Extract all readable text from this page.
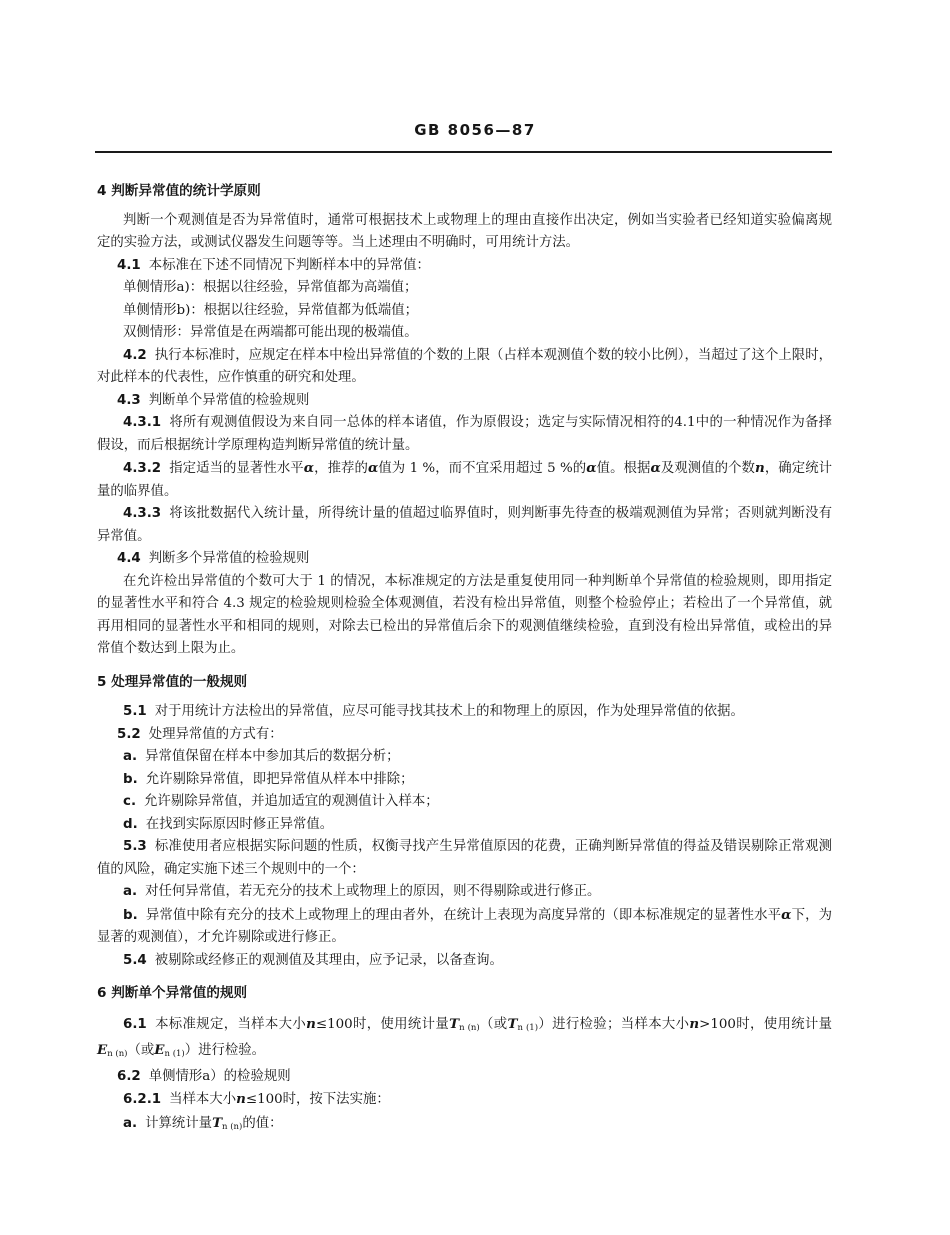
GB 8056—87

4 判断异常值的统计学原则

判断一个观测值是否为异常值时，通常可根据技术上或物理上的理由直接作出决定，例如当实验者已经知道实验偏离规定的实验方法，或测试仪器发生问题等等。当上述理由不明确时，可用统计方法。

4.1 本标准在下述不同情况下判断样本中的异常值：

单侧情形a)：根据以往经验，异常值都为高端值；

单侧情形b)：根据以往经验，异常值都为低端值；

双侧情形：异常值是在两端都可能出现的极端值。

4.2 执行本标准时，应规定在样本中检出异常值的个数的上限（占样本观测值个数的较小比例），当超过了这个上限时，对此样本的代表性，应作慎重的研究和处理。

4.3 判断单个异常值的检验规则

4.3.1 将所有观测值假设为来自同一总体的样本诸值，作为原假设；选定与实际情况相符的4.1中的一种情况作为备择假设，而后根据统计学原理构造判断异常值的统计量。

4.3.2 指定适当的显著性水平α，推荐的α值为 1 %，而不宜采用超过 5 %的α值。根据α及观测值的个数n，确定统计量的临界值。

4.3.3 将该批数据代入统计量，所得统计量的值超过临界值时，则判断事先待查的极端观测值为异常；否则就判断没有异常值。

4.4 判断多个异常值的检验规则

在允许检出异常值的个数可大于 1 的情况，本标准规定的方法是重复使用同一种判断单个异常值的检验规则，即用指定的显著性水平和符合 4.3 规定的检验规则检验全体观测值，若没有检出异常值，则整个检验停止；若检出了一个异常值，就再用相同的显著性水平和相同的规则，对除去已检出的异常值后余下的观测值继续检验，直到没有检出异常值，或检出的异常值个数达到上限为止。

5 处理异常值的一般规则

5.1 对于用统计方法检出的异常值，应尽可能寻找其技术上的和物理上的原因，作为处理异常值的依据。

5.2 处理异常值的方式有：

a. 异常值保留在样本中参加其后的数据分析；

b. 允许剔除异常值，即把异常值从样本中排除；

c. 允许剔除异常值，并追加适宜的观测值计入样本；

d. 在找到实际原因时修正异常值。

5.3 标准使用者应根据实际问题的性质，权衡寻找产生异常值原因的花费，正确判断异常值的得益及错误剔除正常观测值的风险，确定实施下述三个规则中的一个：

a. 对任何异常值，若无充分的技术上或物理上的原因，则不得剔除或进行修正。

b. 异常值中除有充分的技术上或物理上的理由者外，在统计上表现为高度异常的（即本标准规定的显著性水平α下，为显著的观测值），才允许剔除或进行修正。

5.4 被剔除或经修正的观测值及其理由，应予记录，以备查询。

6 判断单个异常值的规则

6.1 本标准规定，当样本大小n≤100时，使用统计量$T_{n (n)}$（或$T_{n (1)}$）进行检验；当样本大小n>100时，使用统计量$E_{n (n)}$（或$E_{n (1)}$）进行检验。

6.2 单侧情形a）的检验规则

6.2.1 当样本大小n≤100时，按下法实施：

a. 计算统计量$T_{n (n)}$的值：
